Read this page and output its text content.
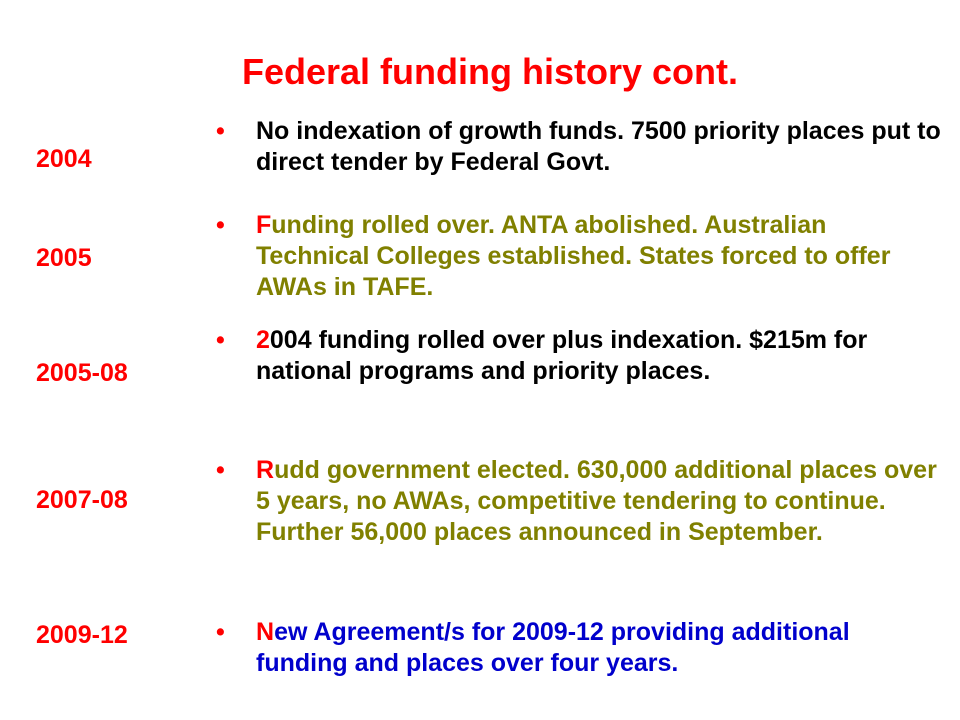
Federal funding history cont.
2004
2005
2005-08
2007-08
2009-12
• No indexation of growth funds. 7500 priority places put to direct tender by Federal Govt.
• Funding rolled over. ANTA abolished. Australian Technical Colleges established. States forced to offer AWAs in TAFE.
• 2004 funding rolled over plus indexation. $215m for national programs and priority places.
• Rudd government elected. 630,000 additional places over 5 years, no AWAs, competitive tendering to continue. Further 56,000 places announced in September.
• New Agreement/s for 2009-12 providing additional funding and places over four years.
